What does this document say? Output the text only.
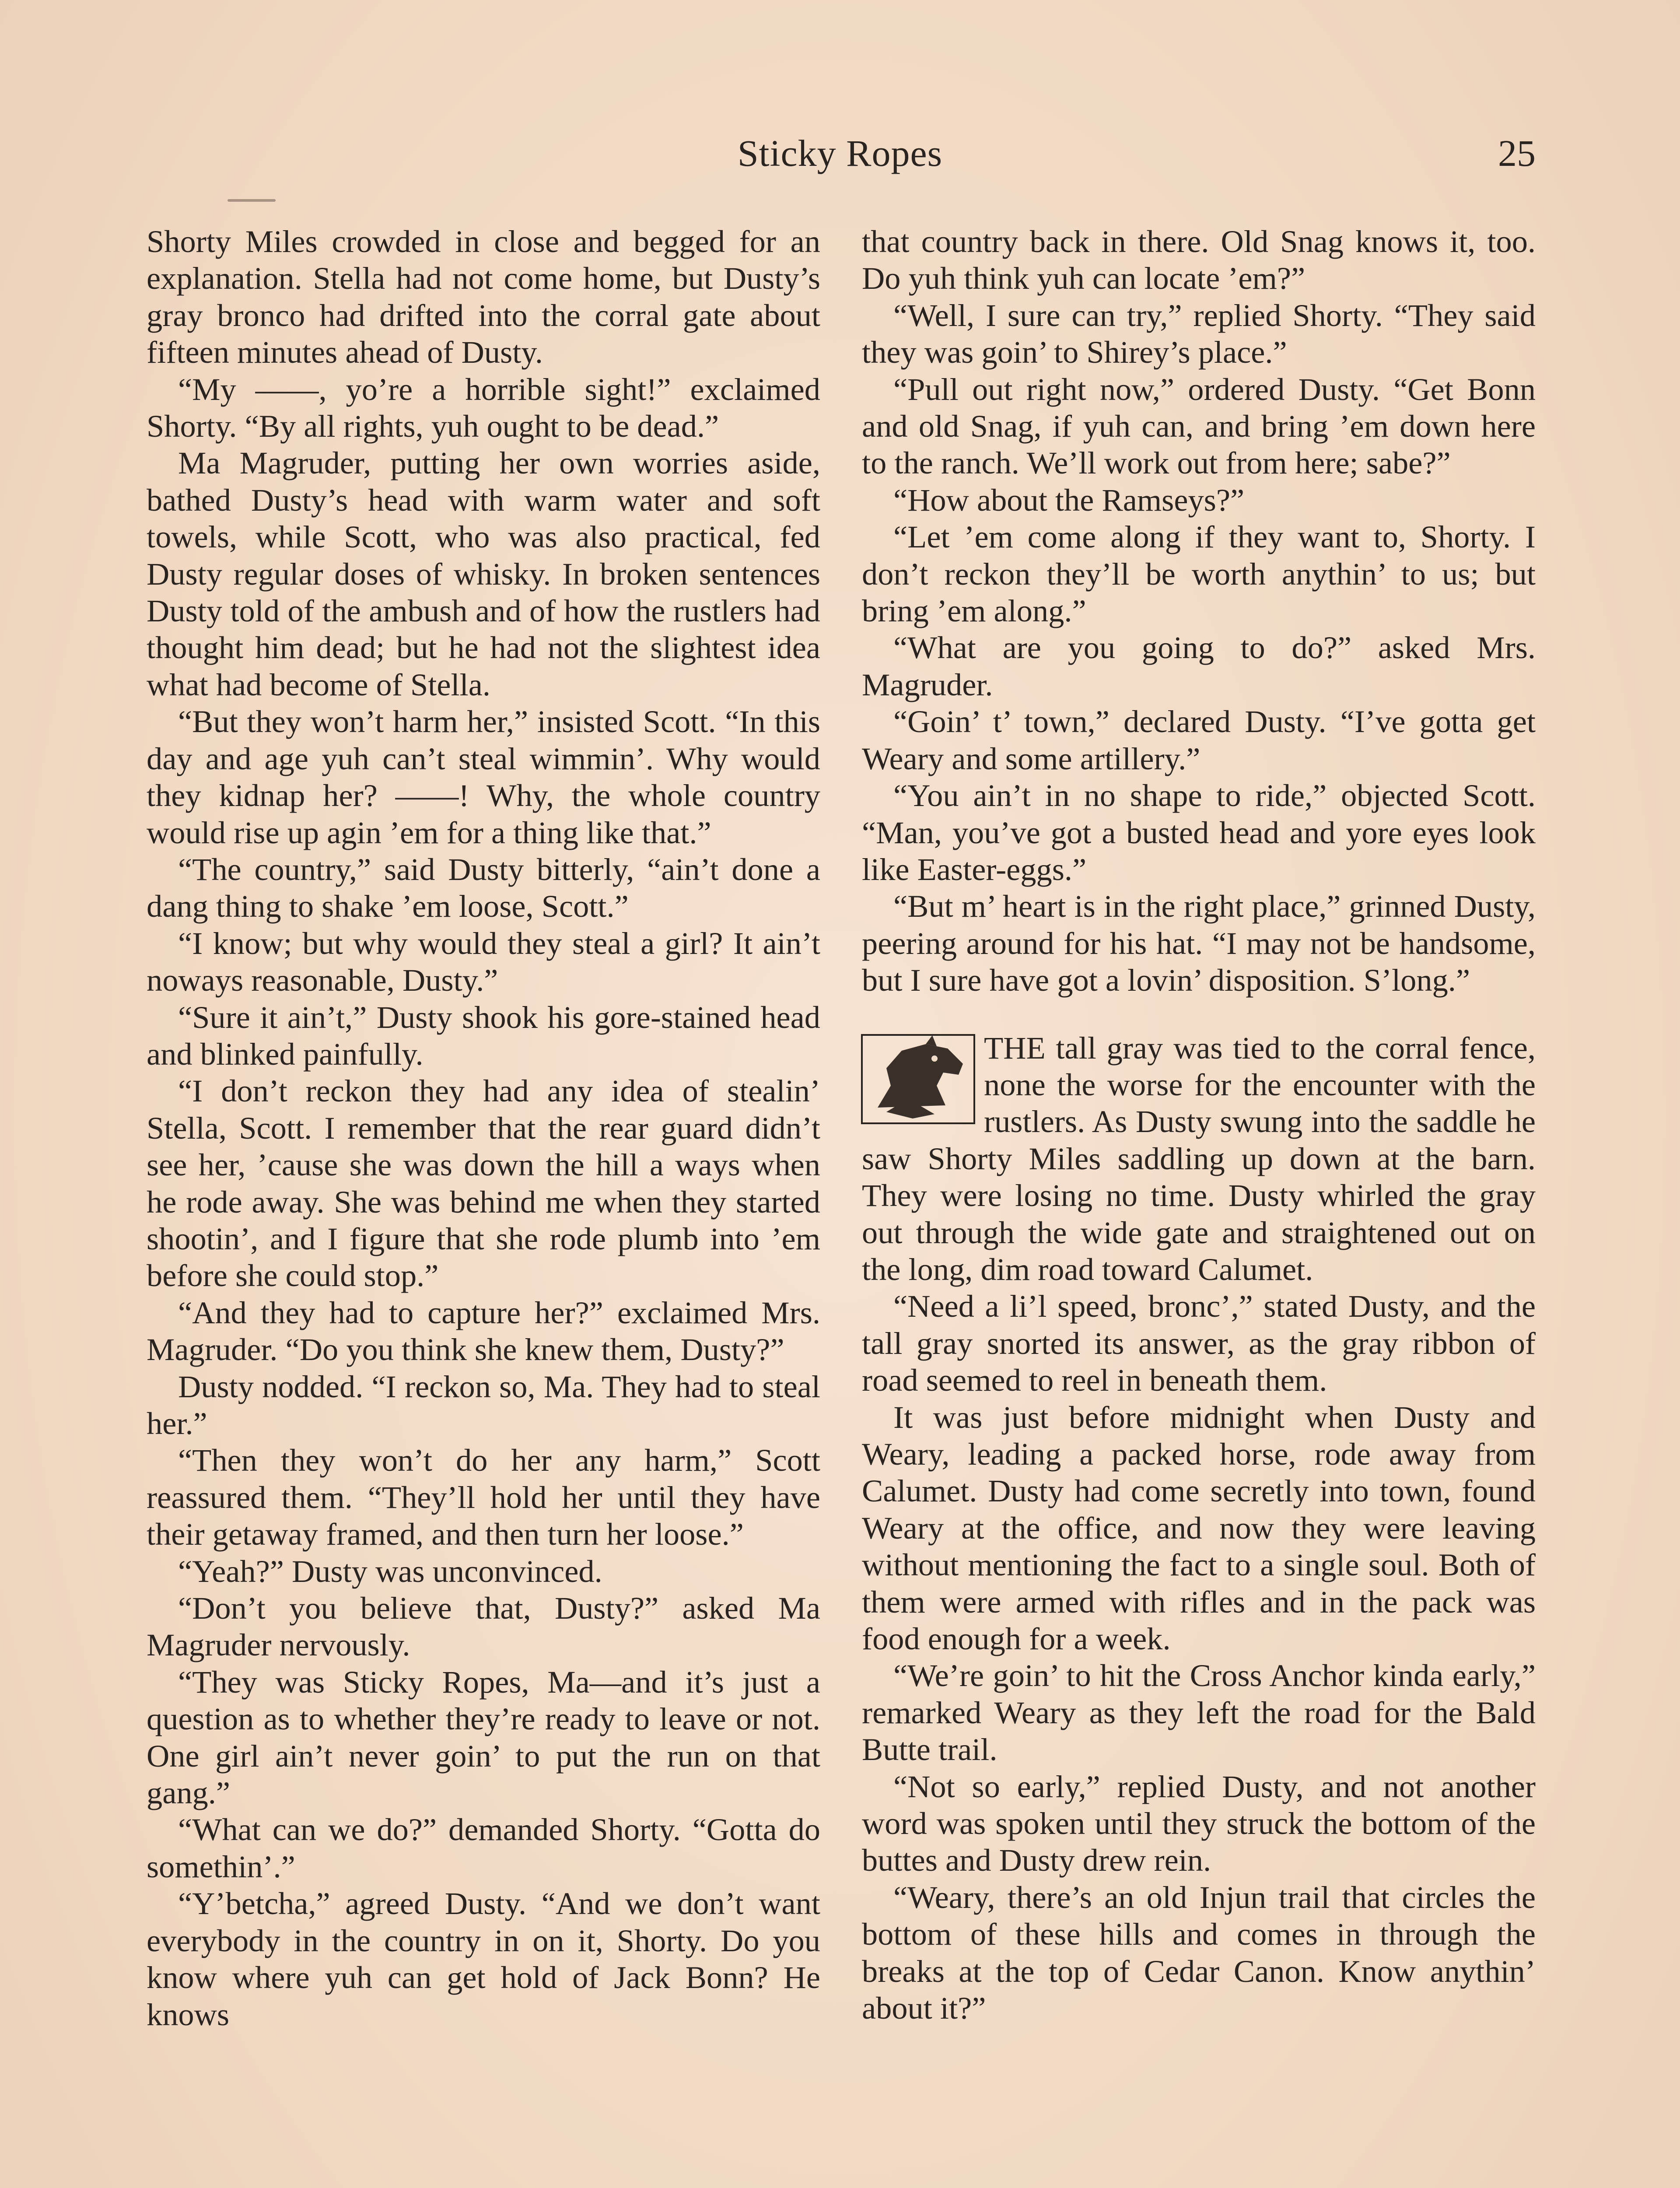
Sticky Ropes	25

Shorty Miles crowded in close and begged for an explanation. Stella had not come home, but Dusty’s gray bronco had drifted into the corral gate about fifteen minutes ahead of Dusty.

“My ——, yo’re a horrible sight!” exclaimed Shorty. “By all rights, yuh ought to be dead.”

Ma Magruder, putting her own worries aside, bathed Dusty’s head with warm water and soft towels, while Scott, who was also practical, fed Dusty regular doses of whisky. In broken sentences Dusty told of the ambush and of how the rustlers had thought him dead; but he had not the slightest idea what had become of Stella.

“But they won’t harm her,” insisted Scott. “In this day and age yuh can’t steal wimmin’. Why would they kidnap her? ——! Why, the whole country would rise up agin ’em for a thing like that.”

“The country,” said Dusty bitterly, “ain’t done a dang thing to shake ’em loose, Scott.”

“I know; but why would they steal a girl? It ain’t noways reasonable, Dusty.”

“Sure it ain’t,” Dusty shook his gore-stained head and blinked painfully.

“I don’t reckon they had any idea of stealin’ Stella, Scott. I remember that the rear guard didn’t see her, ’cause she was down the hill a ways when he rode away. She was behind me when they started shootin’, and I figure that she rode plumb into ’em before she could stop.”

“And they had to capture her?” exclaimed Mrs. Magruder. “Do you think she knew them, Dusty?”

Dusty nodded. “I reckon so, Ma. They had to steal her.”

“Then they won’t do her any harm,” Scott reassured them. “They’ll hold her until they have their getaway framed, and then turn her loose.”

“Yeah?” Dusty was unconvinced.

“Don’t you believe that, Dusty?” asked Ma Magruder nervously.

“They was Sticky Ropes, Ma—and it’s just a question as to whether they’re ready to leave or not. One girl ain’t never goin’ to put the run on that gang.”

“What can we do?” demanded Shorty. “Gotta do somethin’.”

“Y’betcha,” agreed Dusty. “And we don’t want everybody in the country in on it, Shorty. Do you know where yuh can get hold of Jack Bonn? He knows

that country back in there. Old Snag knows it, too. Do yuh think yuh can locate ’em?”

“Well, I sure can try,” replied Shorty. “They said they was goin’ to Shirey’s place.”

“Pull out right now,” ordered Dusty. “Get Bonn and old Snag, if yuh can, and bring ’em down here to the ranch. We’ll work out from here; sabe?”

“How about the Ramseys?”

“Let ’em come along if they want to, Shorty. I don’t reckon they’ll be worth anythin’ to us; but bring ’em along.”

“What are you going to do?” asked Mrs. Magruder.

“Goin’ t’ town,” declared Dusty. “I’ve gotta get Weary and some artillery.”

“You ain’t in no shape to ride,” objected Scott. “Man, you’ve got a busted head and yore eyes look like Easter-eggs.”

“But m’ heart is in the right place,” grinned Dusty, peering around for his hat. “I may not be handsome, but I sure have got a lovin’ disposition. S’long.”

THE tall gray was tied to the corral fence, none the worse for the encounter with the rustlers. As Dusty swung into the saddle he saw Shorty Miles saddling up down at the barn. They were losing no time. Dusty whirled the gray out through the wide gate and straightened out on the long, dim road toward Calumet.

“Need a li’l speed, bronc’,” stated Dusty, and the tall gray snorted its answer, as the gray ribbon of road seemed to reel in beneath them.

It was just before midnight when Dusty and Weary, leading a packed horse, rode away from Calumet. Dusty had come secretly into town, found Weary at the office, and now they were leaving without mentioning the fact to a single soul. Both of them were armed with rifles and in the pack was food enough for a week.

“We’re goin’ to hit the Cross Anchor kinda early,” remarked Weary as they left the road for the Bald Butte trail.

“Not so early,” replied Dusty, and not another word was spoken until they struck the bottom of the buttes and Dusty drew rein.

“Weary, there’s an old Injun trail that circles the bottom of these hills and comes in through the breaks at the top of Cedar Canon. Know anythin’ about it?”
